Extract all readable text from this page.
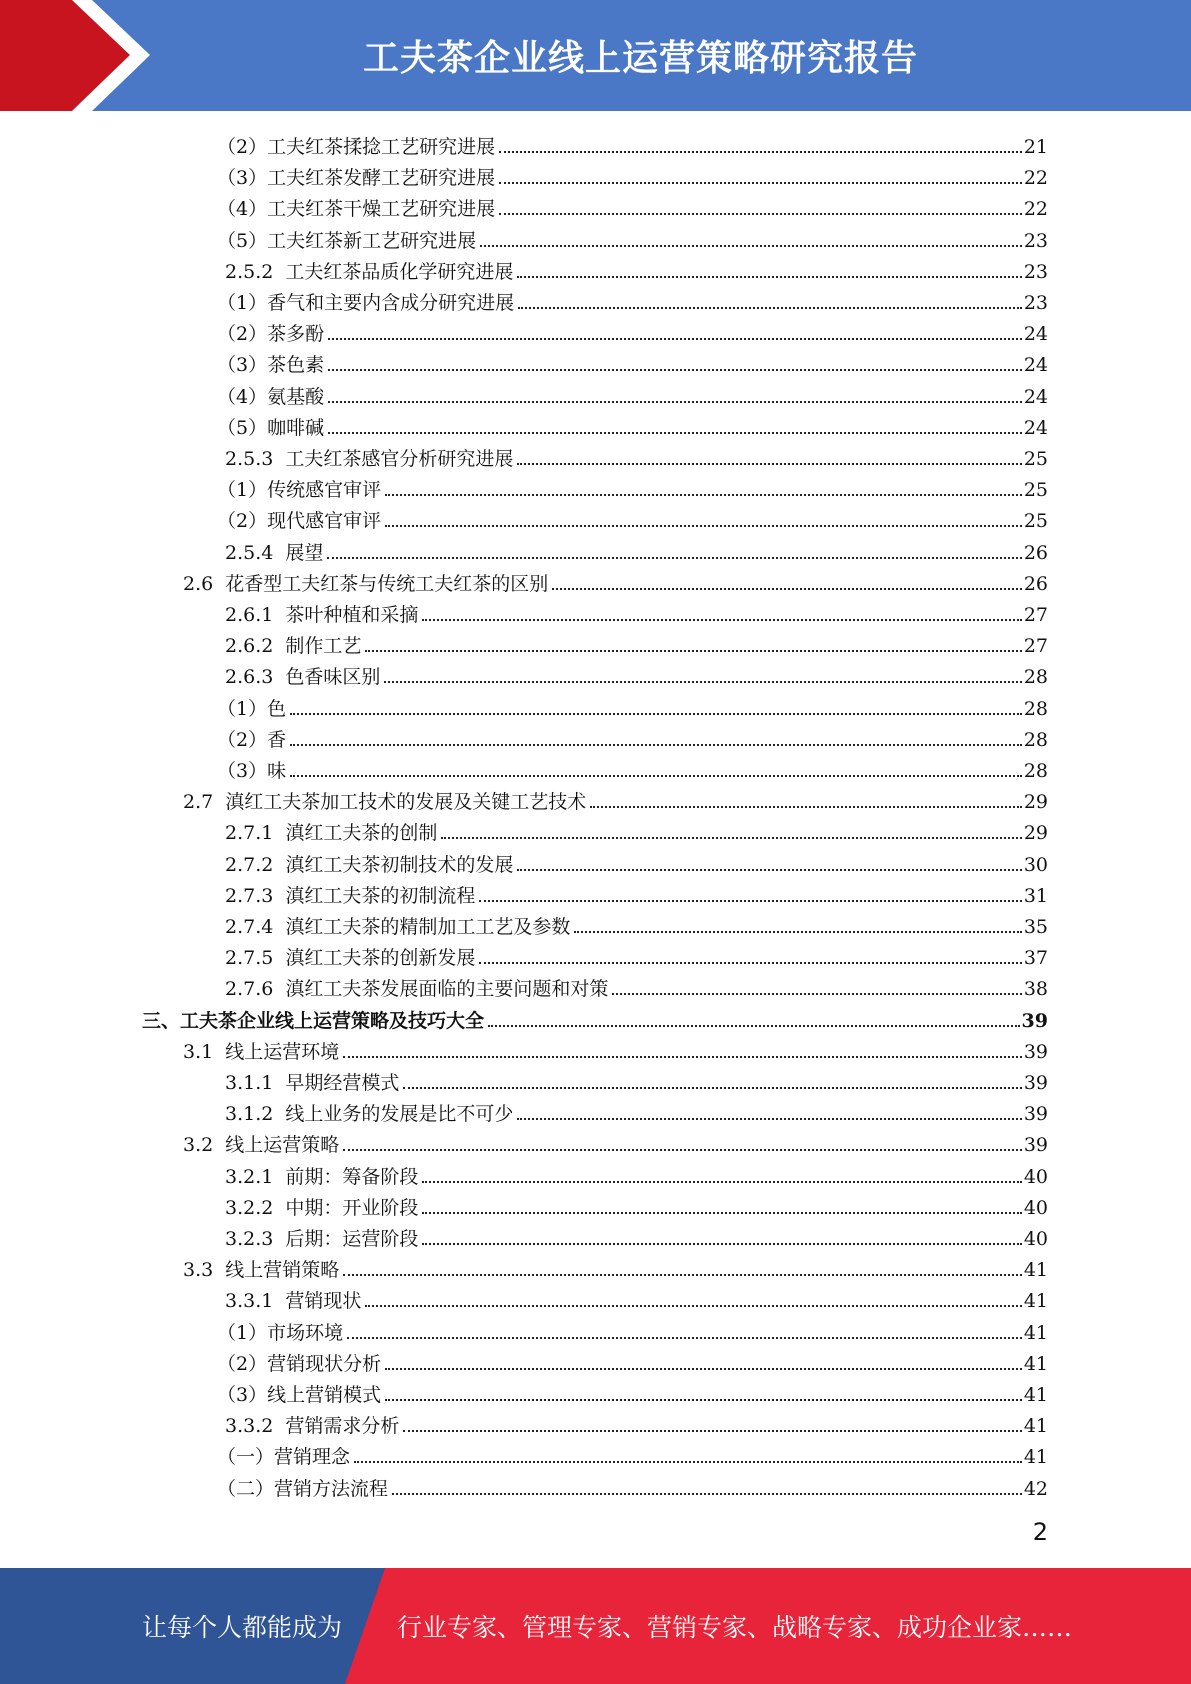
工夫茶企业线上运营策略研究报告
（2）工夫红茶揉捻工艺研究进展	21
（3）工夫红茶发酵工艺研究进展	22
（4）工夫红茶干燥工艺研究进展	22
（5）工夫红茶新工艺研究进展	23
2.5.2  工夫红茶品质化学研究进展	23
（1）香气和主要内含成分研究进展	23
（2）茶多酚	24
（3）茶色素	24
（4）氨基酸	24
（5）咖啡碱	24
2.5.3  工夫红茶感官分析研究进展	25
（1）传统感官审评	25
（2）现代感官审评	25
2.5.4  展望	26
2.6  花香型工夫红茶与传统工夫红茶的区别	26
2.6.1  茶叶种植和采摘	27
2.6.2  制作工艺	27
2.6.3  色香味区别	28
（1）色	28
（2）香	28
（3）味	28
2.7  滇红工夫茶加工技术的发展及关键工艺技术	29
2.7.1  滇红工夫茶的创制	29
2.7.2  滇红工夫茶初制技术的发展	30
2.7.3  滇红工夫茶的初制流程	31
2.7.4  滇红工夫茶的精制加工工艺及参数	35
2.7.5  滇红工夫茶的创新发展	37
2.7.6  滇红工夫茶发展面临的主要问题和对策	38
三、工夫茶企业线上运营策略及技巧大全	39
3.1  线上运营环境	39
3.1.1  早期经营模式	39
3.1.2  线上业务的发展是比不可少	39
3.2  线上运营策略	39
3.2.1  前期：筹备阶段	40
3.2.2  中期：开业阶段	40
3.2.3  后期：运营阶段	40
3.3  线上营销策略	41
3.3.1  营销现状	41
（1）市场环境	41
（2）营销现状分析	41
（3）线上营销模式	41
3.3.2  营销需求分析	41
（一）营销理念	41
（二）营销方法流程	42
2
让每个人都能成为 行业专家、管理专家、营销专家、战略专家、成功企业家……
